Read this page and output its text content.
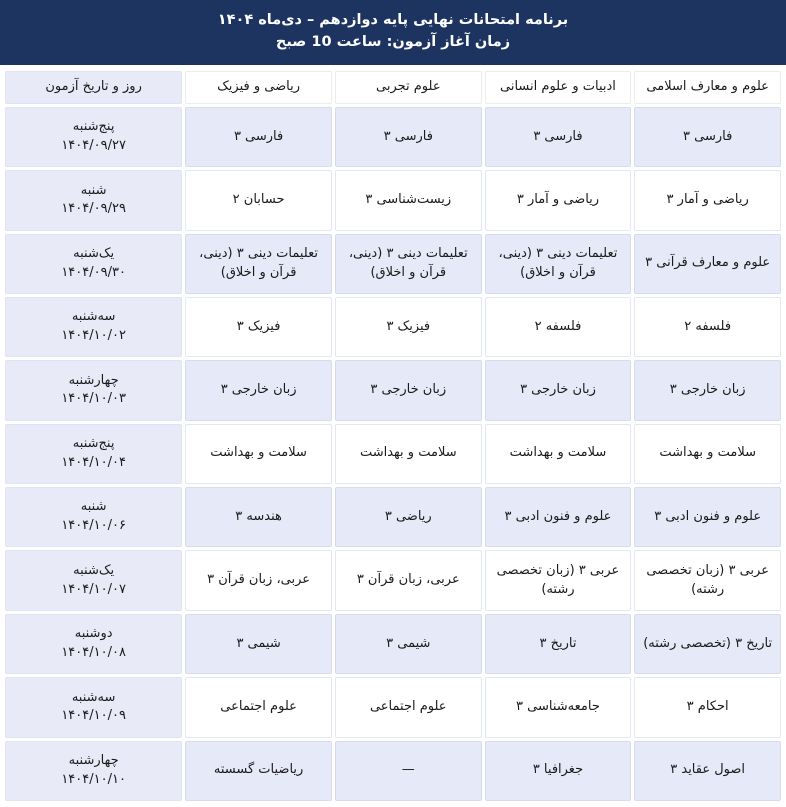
برنامه امتحانات نهایی پایه دوازدهم – دی‌ماه ۱۴۰۴
زمان آغاز آزمون: ساعت 10 صبح
علوم و معارف اسلامی	ادبیات و علوم انسانی	علوم تجربی	ریاضی و فیزیک	روز و تاریخ آزمون
فارسی ۳	فارسی ۳	فارسی ۳	فارسی ۳	پنج‌شنبه
۱۴۰۴/۰۹/۲۷

ریاضی و آمار ۳	ریاضی و آمار ۳	زیست‌شناسی ۳	حسابان ۲	شنبه
۱۴۰۴/۰۹/۲۹

علوم و معارف قرآنی ۳	تعلیمات دینی ۳ (دینی، قرآن و اخلاق)	تعلیمات دینی ۳ (دینی، قرآن و اخلاق)	تعلیمات دینی ۳ (دینی، قرآن و اخلاق)	یک‌شنبه
۱۴۰۴/۰۹/۳۰

فلسفه ۲	فلسفه ۲	فیزیک ۳	فیزیک ۳	سه‌شنبه
۱۴۰۴/۱۰/۰۲

زبان خارجی ۳	زبان خارجی ۳	زبان خارجی ۳	زبان خارجی ۳	چهارشنبه
۱۴۰۴/۱۰/۰۳

سلامت و بهداشت	سلامت و بهداشت	سلامت و بهداشت	سلامت و بهداشت	پنج‌شنبه
۱۴۰۴/۱۰/۰۴

علوم و فنون ادبی ۳	علوم و فنون ادبی ۳	ریاضی ۳	هندسه ۳	شنبه
۱۴۰۴/۱۰/۰۶

عربی ۳ (زبان تخصصی رشته)	عربی ۳ (زبان تخصصی رشته)	عربی، زبان قرآن ۳	عربی، زبان قرآن ۳	یک‌شنبه
۱۴۰۴/۱۰/۰۷

تاریخ ۳ (تخصصی رشته)	تاریخ ۳	شیمی ۳	شیمی ۳	دوشنبه
۱۴۰۴/۱۰/۰۸

احکام ۳	جامعه‌شناسی ۳	علوم اجتماعی	علوم اجتماعی	سه‌شنبه
۱۴۰۴/۱۰/۰۹

اصول عقاید ۳	جغرافیا ۳	—	ریاضیات گسسته	چهارشنبه
۱۴۰۴/۱۰/۱۰
